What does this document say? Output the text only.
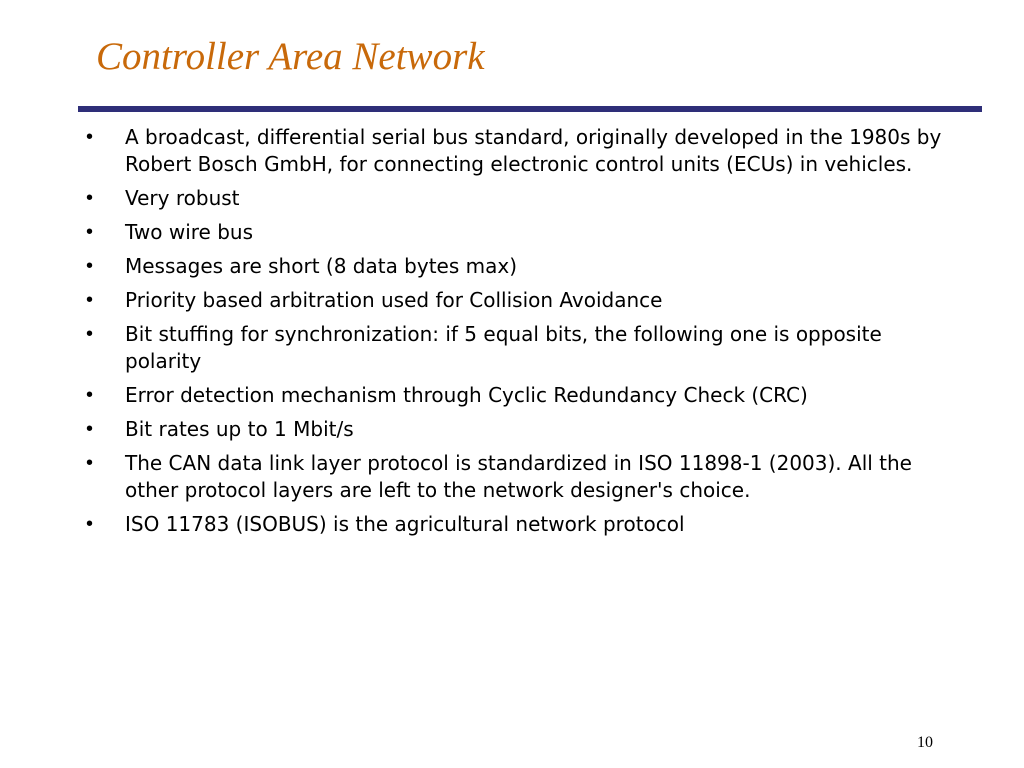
Controller Area Network
• A broadcast, differential serial bus standard, originally developed in the 1980s by Robert Bosch GmbH, for connecting electronic control units (ECUs) in vehicles.
• Very robust
• Two wire bus
• Messages are short (8 data bytes max)
• Priority based arbitration used for Collision Avoidance
• Bit stuffing for synchronization: if 5 equal bits, the following one is opposite polarity
• Error detection mechanism through Cyclic Redundancy Check (CRC)
• Bit rates up to 1 Mbit/s
• The CAN data link layer protocol is standardized in ISO 11898-1 (2003). All the other protocol layers are left to the network designer's choice.
• ISO 11783 (ISOBUS) is the agricultural network protocol
10
